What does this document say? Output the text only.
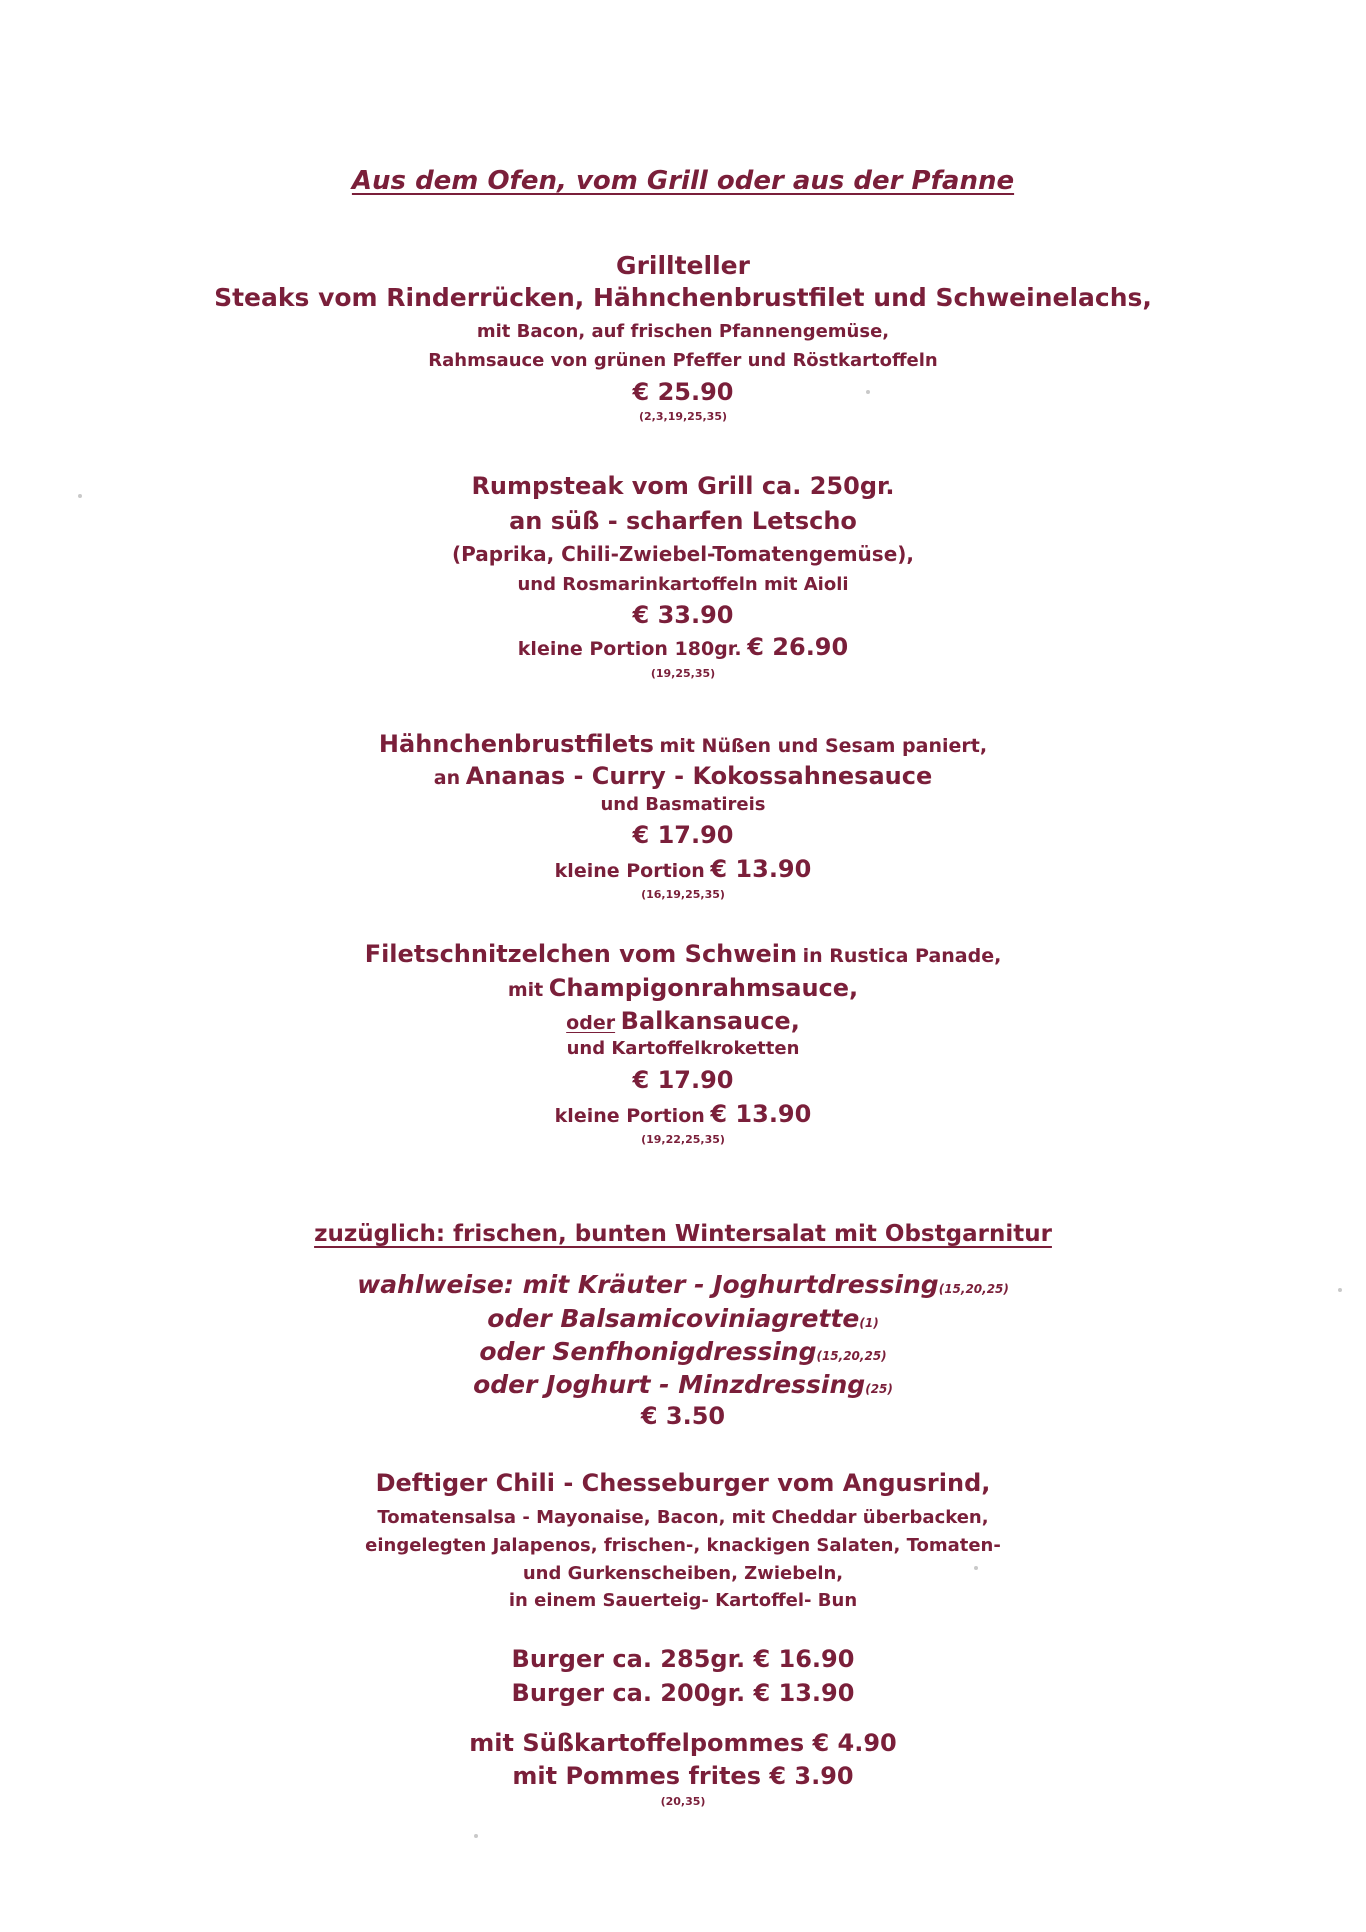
Aus dem Ofen, vom Grill oder aus der Pfanne
Grillteller
Steaks vom Rinderrücken, Hähnchenbrustfilet und Schweinelachs,
mit Bacon, auf frischen Pfannengemüse,
Rahmsauce von grünen Pfeffer und Röstkartoffeln
€ 25.90
(2,3,19,25,35)
Rumpsteak vom Grill ca. 250gr.
an süß - scharfen Letscho
(Paprika, Chili-Zwiebel-Tomatengemüse),
und Rosmarinkartoffeln mit Aioli
€ 33.90
kleine Portion 180gr. € 26.90
(19,25,35)
Hähnchenbrustfilets mit Nüßen und Sesam paniert,
an Ananas - Curry - Kokossahnesauce
und Basmatireis
€ 17.90
kleine Portion € 13.90
(16,19,25,35)
Filetschnitzelchen vom Schwein in Rustica Panade,
mit Champigonrahmsauce,
oder Balkansauce,
und Kartoffelkroketten
€ 17.90
kleine Portion € 13.90
(19,22,25,35)
zuzüglich: frischen, bunten Wintersalat mit Obstgarnitur
wahlweise: mit Kräuter - Joghurtdressing(15,20,25)
oder Balsamicoviniagrette(1)
oder Senfhonigdressing(15,20,25)
oder Joghurt - Minzdressing(25)
€ 3.50
Deftiger Chili - Chesseburger vom Angusrind,
Tomatensalsa - Mayonaise, Bacon, mit Cheddar überbacken,
eingelegten Jalapenos, frischen-, knackigen Salaten, Tomaten-
und Gurkenscheiben, Zwiebeln,
in einem Sauerteig- Kartoffel- Bun
Burger ca. 285gr. € 16.90
Burger ca. 200gr. € 13.90
mit Süßkartoffelpommes € 4.90
mit Pommes frites € 3.90
(20,35)
